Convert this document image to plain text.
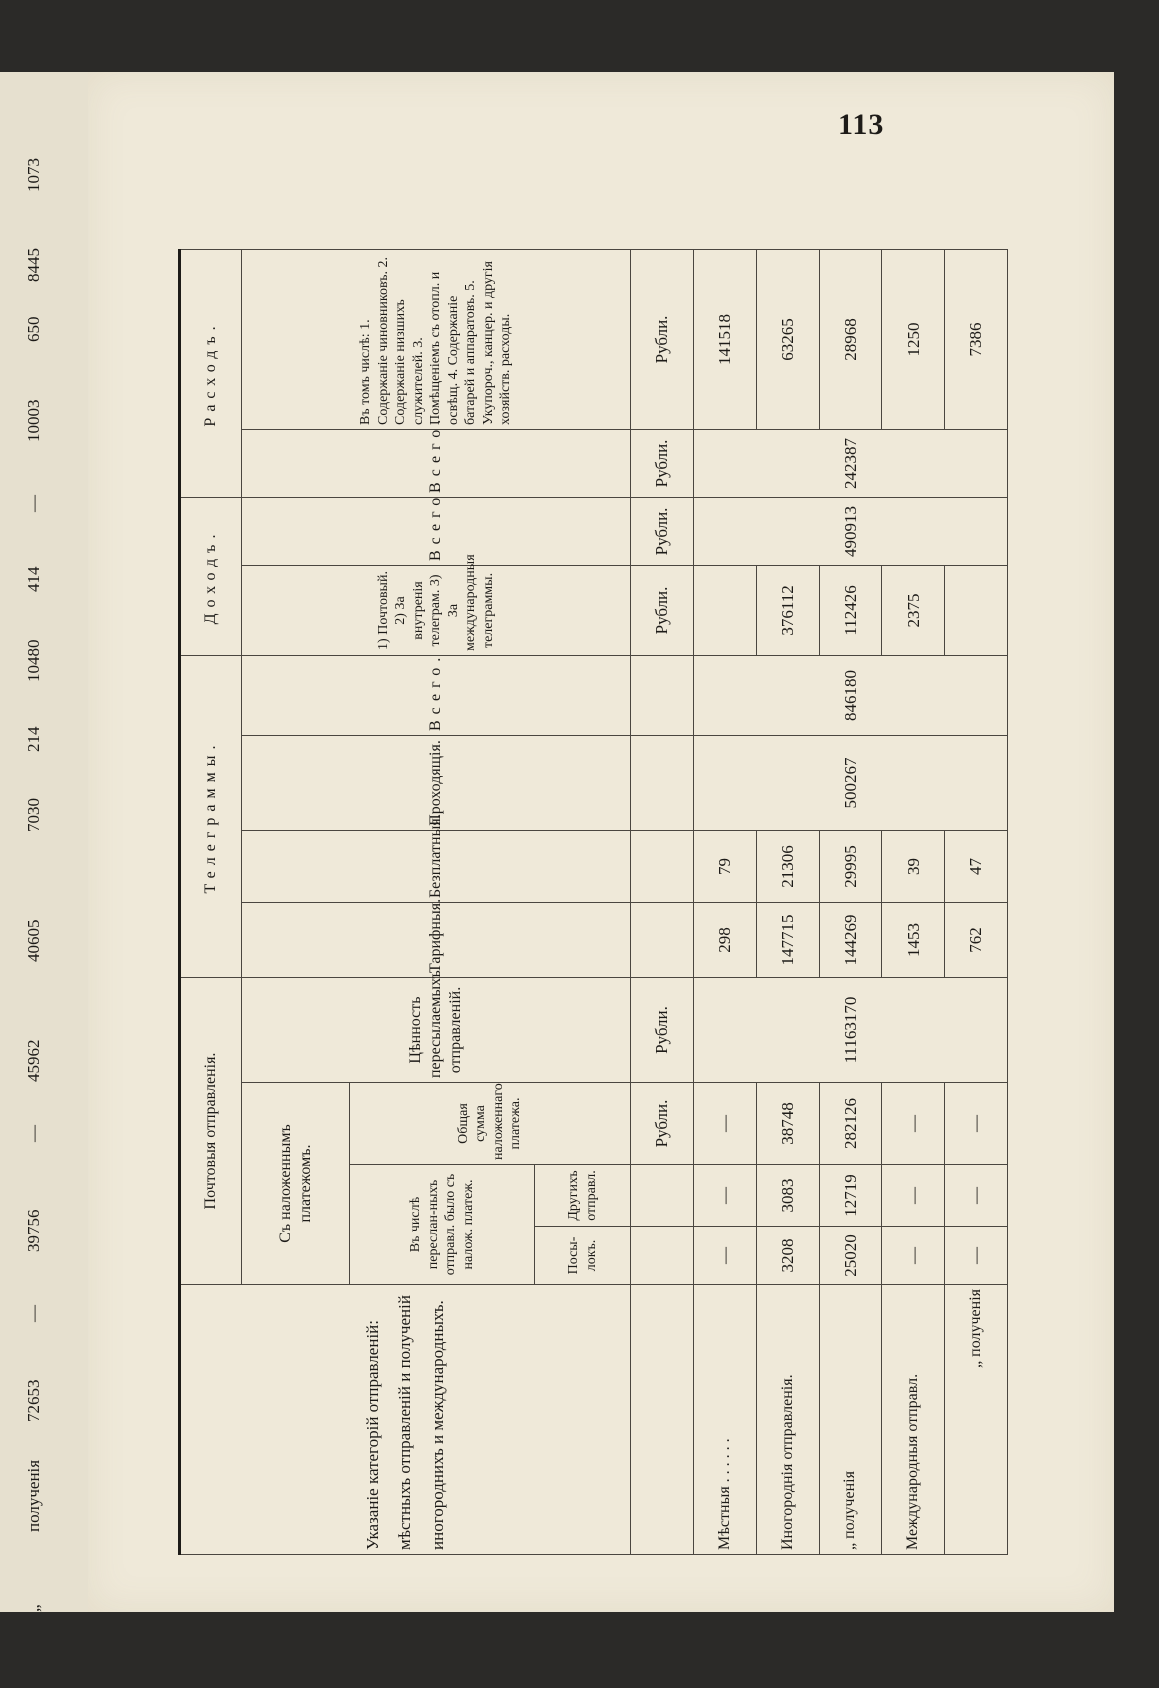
„
полученія
72653
—
39756
—
45962
40605
7030
214
10480
414
—
10003
650
8445
1073
113
Указаніе категорій отправленій: мѣстныхъ отправленій и полученій иногороднихъ и международныхъ.	Почтовыя отправленія.				Телеграммы.				Доходъ.		Расходъ.	
	Съ наложеннымъ платежомъ.			Цѣнность пересылаемыхъ отправленій.	Тарифныя.	Безплатныя.	Проходящія.	Всего.	1) Почтовый. 2) За внутренія телеграм. 3) За международныя телеграммы.	Всего.	Всего.	Въ томъ числѣ: 1. Содержаніе чиновниковъ. 2. Содержаніе низшихъ служителей. 3. Помѣщеніемъ съ отопл. и освѣщ. 4. Содержаніе батарей и аппаратовъ. 5. Укупороч., канцер. и другія хозяйств. расходы.
	Въ числѣ переслан-ныхъ отправл. было съ налож. платеж.		Общая сумма наложеннаго платежа.									
	Посы-локъ.	Другихъ отправл.										
			Рубли.	Рубли.					Рубли.	Рубли.	Рубли.	Рубли.
Мѣстныя . . . . . .	—	—	—	11163170	298	79	500267	846180		490913	242387	141518
Иногороднія отправленія.	3208	3083	38748		147715	21306			376112			63265
„ полученія	25020	12719	282126		144269	29995			112426			28968
Международныя отправл.	—	—	—		1453	39			2375			1250
„ полученія	—	—	—		762	47						7386
